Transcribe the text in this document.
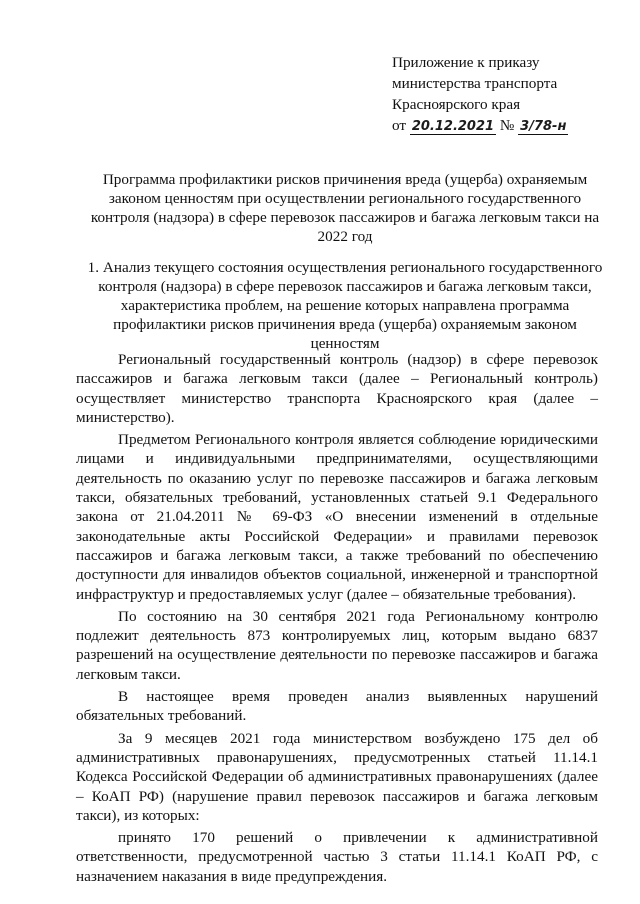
Приложение к приказу
министерства транспорта
Красноярского края
от 20.12.2021 № 3/78-н
Программа профилактики рисков причинения вреда (ущерба) охраняемым законом ценностям при осуществлении регионального государственного контроля (надзора) в сфере перевозок пассажиров и багажа легковым такси на 2022 год
1. Анализ текущего состояния осуществления регионального государственного контроля (надзора) в сфере перевозок пассажиров и багажа легковым такси, характеристика проблем, на решение которых направлена программа профилактики рисков причинения вреда (ущерба) охраняемым законом ценностям

Региональный государственный контроль (надзор) в сфере перевозок пассажиров и багажа легковым такси (далее – Региональный контроль) осуществляет министерство транспорта Красноярского края (далее – министерство).

Предметом Регионального контроля является соблюдение юридическими лицами и индивидуальными предпринимателями, осуществляющими деятельность по оказанию услуг по перевозке пассажиров и багажа легковым такси, обязательных требований, установленных статьей 9.1 Федерального закона от 21.04.2011 № 69-ФЗ «О внесении изменений в отдельные законодательные акты Российской Федерации» и правилами перевозок пассажиров и багажа легковым такси, а также требований по обеспечению доступности для инвалидов объектов социальной, инженерной и транспортной инфраструктур и предоставляемых услуг (далее – обязательные требования).

По состоянию на 30 сентября 2021 года Региональному контролю подлежит деятельность 873 контролируемых лиц, которым выдано 6837 разрешений на осуществление деятельности по перевозке пассажиров и багажа легковым такси.

В настоящее время проведен анализ выявленных нарушений обязательных требований.

За 9 месяцев 2021 года министерством возбуждено 175 дел об административных правонарушениях, предусмотренных статьей 11.14.1 Кодекса Российской Федерации об административных правонарушениях (далее – КоАП РФ) (нарушение правил перевозок пассажиров и багажа легковым такси), из которых:

принято 170 решений о привлечении к административной ответственности, предусмотренной частью 3 статьи 11.14.1 КоАП РФ, с назначением наказания в виде предупреждения.
